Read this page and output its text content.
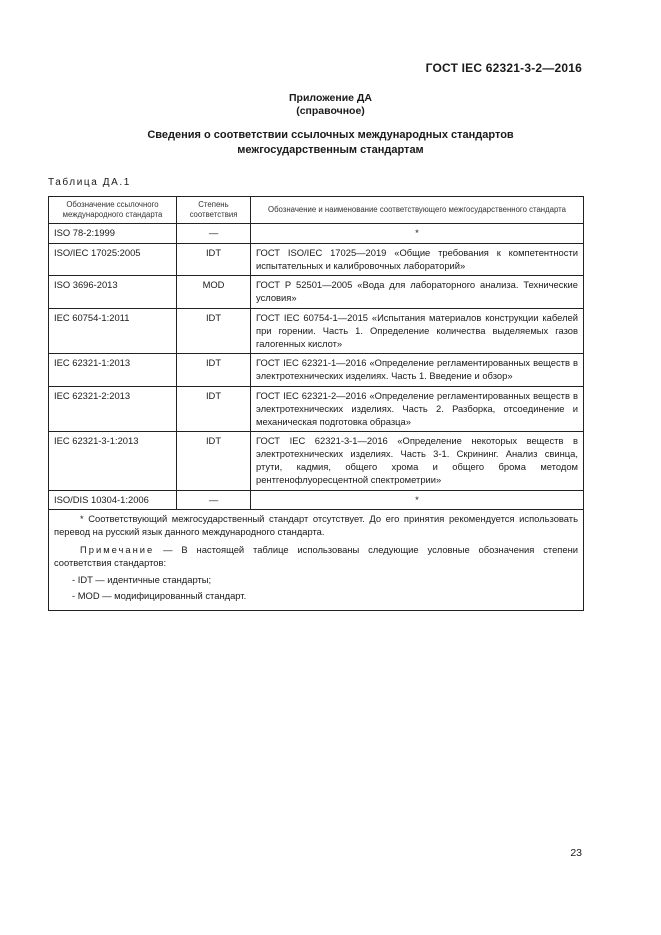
ГОСТ IEC 62321-3-2—2016
Приложение ДА
(справочное)
Сведения о соответствии ссылочных международных стандартов
межгосударственным стандартам
Таблица ДА.1
Обозначение ссылочного международного стандарта	Степень соответствия	Обозначение и наименование соответствующего межгосударственного стандарта
ISO 78-2:1999	—	*
ISO/IEC 17025:2005	IDT	ГОСТ ISO/IEC 17025—2019 «Общие требования к компетентности испытательных и калибровочных лабораторий»
ISO 3696-2013	MOD	ГОСТ Р 52501—2005 «Вода для лабораторного анализа. Технические условия»
IEC 60754-1:2011	IDT	ГОСТ IEC 60754-1—2015 «Испытания материалов конструкции кабелей при горении. Часть 1. Определение количества выделяемых газов галогенных кислот»
IEC 62321-1:2013	IDT	ГОСТ IEC 62321-1—2016 «Определение регламентированных веществ в электротехнических изделиях. Часть 1. Введение и обзор»
IEC 62321-2:2013	IDT	ГОСТ IEC 62321-2—2016 «Определение регламентированных веществ в электротехнических изделиях. Часть 2. Разборка, отсоединение и механическая подготовка образца»
IEC 62321-3-1:2013	IDT	ГОСТ IEC 62321-3-1—2016 «Определение некоторых веществ в электротехнических изделиях. Часть 3-1. Скрининг. Анализ свинца, ртути, кадмия, общего хрома и общего брома методом рентгенофлуоресцентной спектрометрии»
ISO/DIS 10304-1:2006	—	*

* Соответствующий межгосударственный стандарт отсутствует. До его принятия рекомендуется использовать перевод на русский язык данного международного стандарта.

Примечание — В настоящей таблице использованы следующие условные обозначения степени соответствия стандартов:

- IDT — идентичные стандарты;
- MOD — модифицированный стандарт.		
23
